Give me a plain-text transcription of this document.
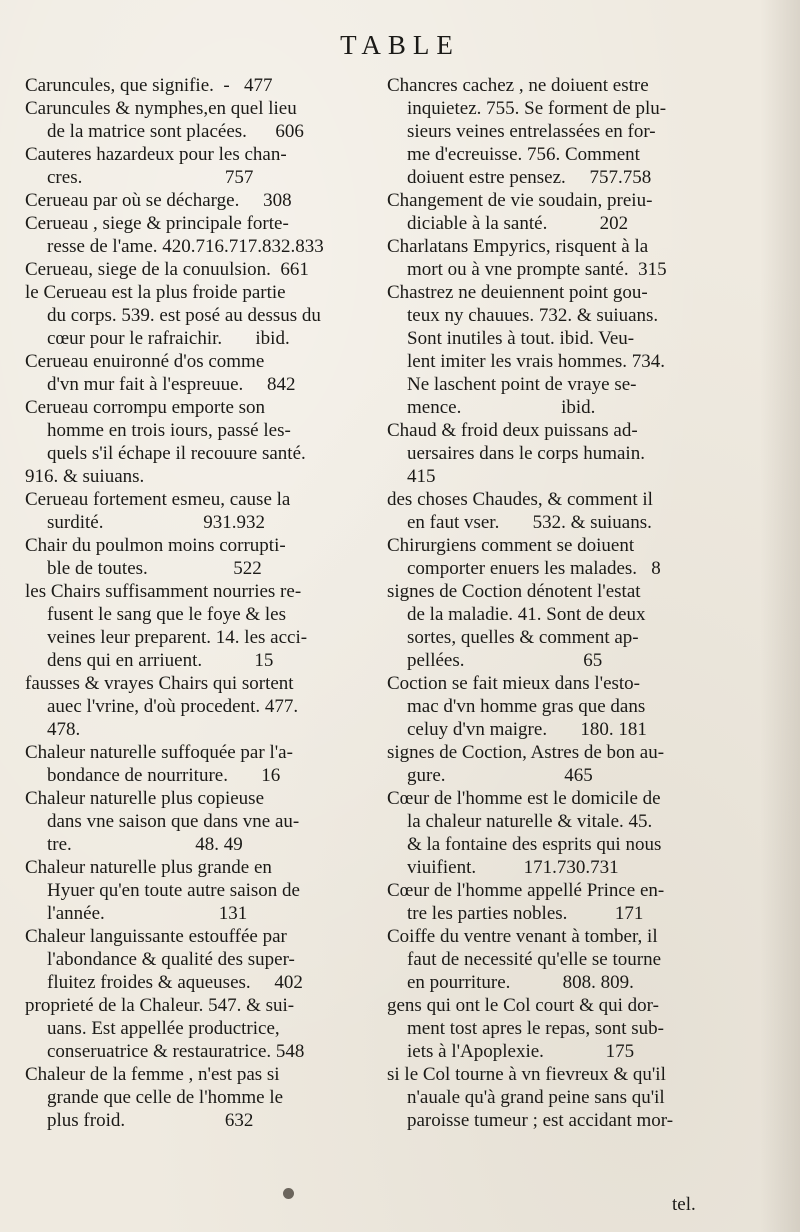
TABLE
Caruncules, que signifie.  -   477
Caruncules & nymphes,en quel lieu
de la matrice sont placées.      606
Cauteres hazardeux pour les chan-
cres.                              757
Cerueau par où se décharge.     308
Cerueau , siege & principale forte-
resse de l'ame. 420.716.717.832.833
Cerueau, siege de la conuulsion.  661
le Cerueau est la plus froide partie
du corps. 539. est posé au dessus du
cœur pour le rafraichir.       ibid.
Cerueau enuironné d'os comme
d'vn mur fait à l'espreuue.     842
Cerueau corrompu emporte son
homme en trois iours, passé les-
quels s'il échape il recouure santé.
916. & suiuans.
Cerueau fortement esmeu, cause la
surdité.                     931.932
Chair du poulmon moins corrupti-
ble de toutes.                  522
les Chairs suffisamment nourries re-
fusent le sang que le foye & les
veines leur preparent. 14. les acci-
dens qui en arriuent.           15
fausses & vrayes Chairs qui sortent
auec l'vrine, d'où procedent. 477.
478.
Chaleur naturelle suffoquée par l'a-
bondance de nourriture.       16
Chaleur naturelle plus copieuse
dans vne saison que dans vne au-
tre.                          48. 49
Chaleur naturelle plus grande en
Hyuer qu'en toute autre saison de
l'année.                        131
Chaleur languissante estouffée par
l'abondance & qualité des super-
fluitez froides & aqueuses.     402
proprieté de la Chaleur. 547. & sui-
uans. Est appellée productrice,
conseruatrice & restauratrice. 548
Chaleur de la femme , n'est pas si
grande que celle de l'homme le
plus froid.                     632
Chancres cachez , ne doiuent estre
inquietez. 755. Se forment de plu-
sieurs veines entrelassées en for-
me d'ecreuisse. 756. Comment
doiuent estre pensez.     757.758
Changement de vie soudain, preiu-
diciable à la santé.           202
Charlatans Empyrics, risquent à la
mort ou à vne prompte santé.  315
Chastrez ne deuiennent point gou-
teux ny chauues. 732. & suiuans.
Sont inutiles à tout. ibid. Veu-
lent imiter les vrais hommes. 734.
Ne laschent point de vraye se-
mence.                     ibid.
Chaud & froid deux puissans ad-
uersaires dans le corps humain.
415
des choses Chaudes, & comment il
en faut vser.       532. & suiuans.
Chirurgiens comment se doiuent
comporter enuers les malades.   8
signes de Coction dénotent l'estat
de la maladie. 41. Sont de deux
sortes, quelles & comment ap-
pellées.                         65
Coction se fait mieux dans l'esto-
mac d'vn homme gras que dans
celuy d'vn maigre.       180. 181
signes de Coction, Astres de bon au-
gure.                         465
Cœur de l'homme est le domicile de
la chaleur naturelle & vitale. 45.
& la fontaine des esprits qui nous
viuifient.          171.730.731
Cœur de l'homme appellé Prince en-
tre les parties nobles.          171
Coiffe du ventre venant à tomber, il
faut de necessité qu'elle se tourne
en pourriture.           808. 809.
gens qui ont le Col court & qui dor-
ment tost apres le repas, sont sub-
iets à l'Apoplexie.             175
si le Col tourne à vn fievreux & qu'il
n'auale qu'à grand peine sans qu'il
paroisse tumeur ; est accidant mor-
tel.
